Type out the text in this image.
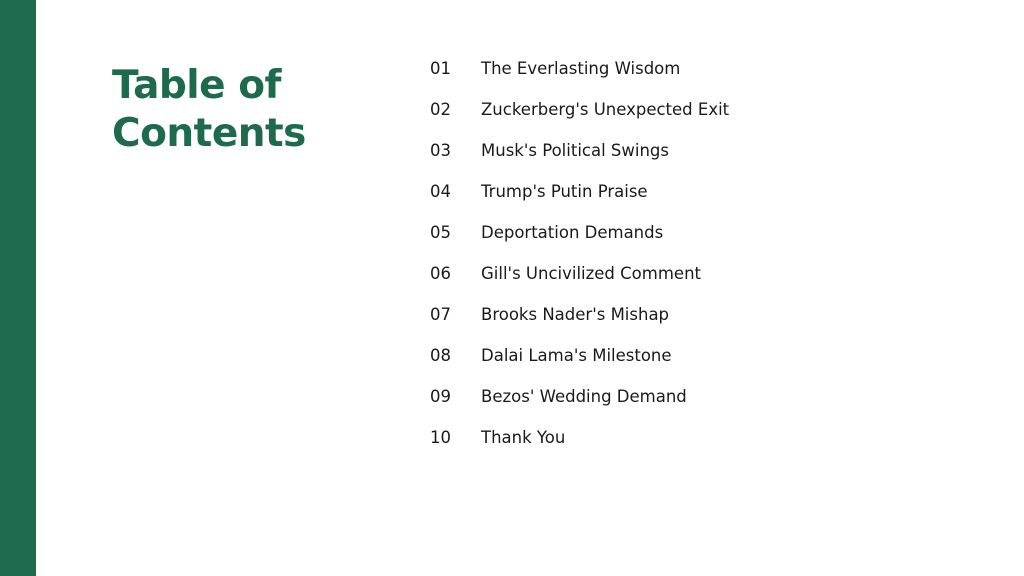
Table of
Contents
01	The Everlasting Wisdom
02	Zuckerberg's Unexpected Exit
03	Musk's Political Swings
04	Trump's Putin Praise
05	Deportation Demands
06	Gill's Uncivilized Comment
07	Brooks Nader's Mishap
08	Dalai Lama's Milestone
09	Bezos' Wedding Demand
10	Thank You
